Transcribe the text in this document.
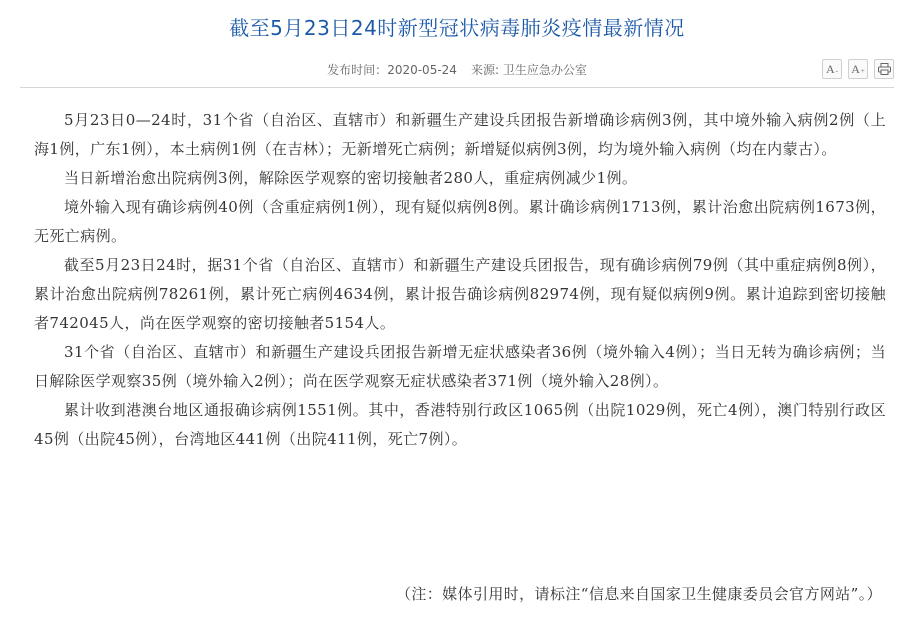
截至5月23日24时新型冠状病毒肺炎疫情最新情况
发布时间：2020-05-24 来源: 卫生应急办公室	A- A+

5月23日0—24时，31个省（自治区、直辖市）和新疆生产建设兵团报告新增确诊病例3例，其中境外输入病例2例（上海1例，广东1例），本土病例1例（在吉林）；无新增死亡病例；新增疑似病例3例，均为境外输入病例（均在内蒙古）。

当日新增治愈出院病例3例，解除医学观察的密切接触者280人，重症病例减少1例。

境外输入现有确诊病例40例（含重症病例1例），现有疑似病例8例。累计确诊病例1713例，累计治愈出院病例1673例，无死亡病例。

截至5月23日24时，据31个省（自治区、直辖市）和新疆生产建设兵团报告，现有确诊病例79例（其中重症病例8例），累计治愈出院病例78261例，累计死亡病例4634例，累计报告确诊病例82974例，现有疑似病例9例。累计追踪到密切接触者742045人，尚在医学观察的密切接触者5154人。

31个省（自治区、直辖市）和新疆生产建设兵团报告新增无症状感染者36例（境外输入4例）；当日无转为确诊病例；当日解除医学观察35例（境外输入2例）；尚在医学观察无症状感染者371例（境外输入28例）。

累计收到港澳台地区通报确诊病例1551例。其中，香港特别行政区1065例（出院1029例，死亡4例），澳门特别行政区45例（出院45例），台湾地区441例（出院411例，死亡7例）。

（注：媒体引用时，请标注“信息来自国家卫生健康委员会官方网站”。）
